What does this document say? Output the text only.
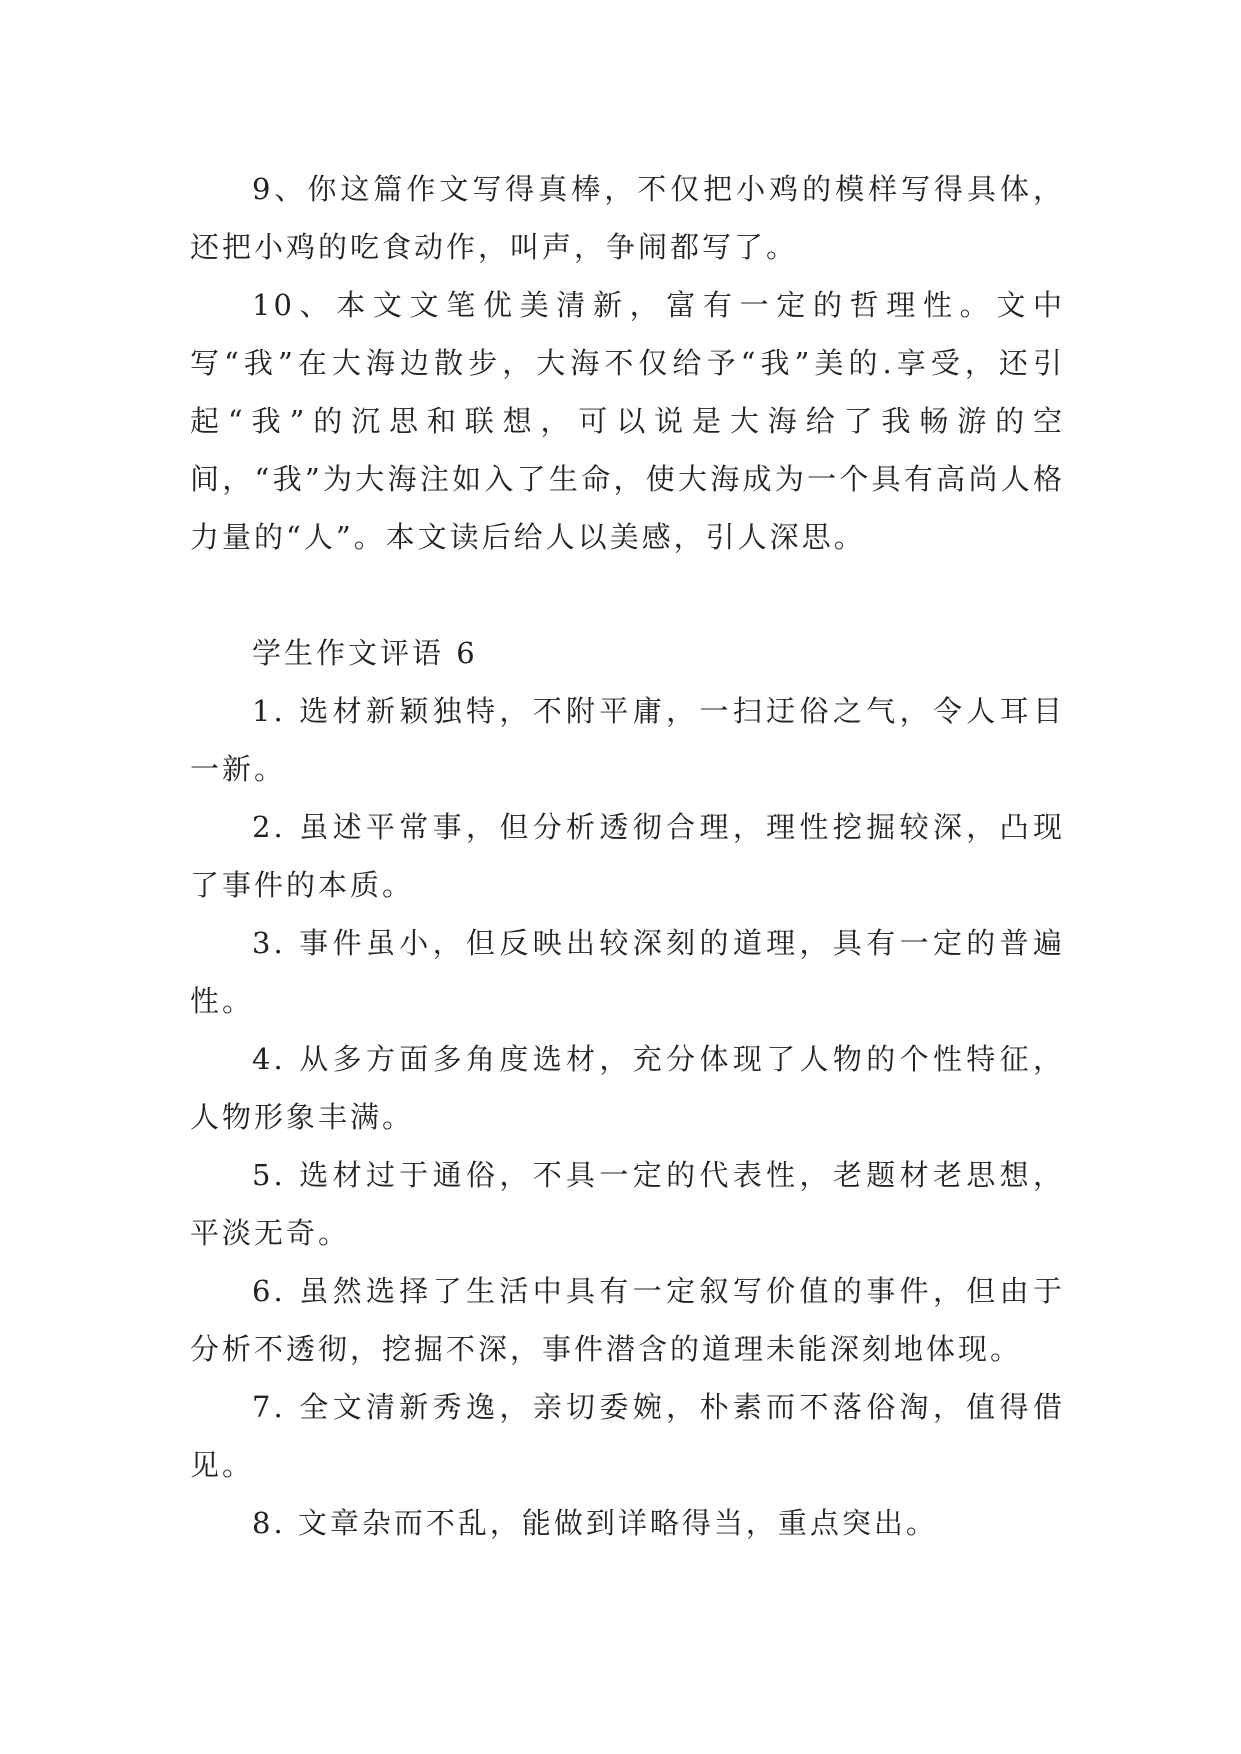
9、你这篇作文写得真棒，不仅把小鸡的模样写得具体，还把小鸡的吃食动作，叫声，争闹都写了。

10、本文文笔优美清新，富有一定的哲理性。文中写“我”在大海边散步，大海不仅给予“我”美的.享受，还引起“我”的沉思和联想，可以说是大海给了我畅游的空间，“我”为大海注如入了生命，使大海成为一个具有高尚人格力量的“人”。本文读后给人以美感，引人深思。

学生作文评语 6

1. 选材新颖独特，不附平庸，一扫迂俗之气，令人耳目一新。

2. 虽述平常事，但分析透彻合理，理性挖掘较深，凸现了事件的本质。

3. 事件虽小，但反映出较深刻的道理，具有一定的普遍性。

4. 从多方面多角度选材，充分体现了人物的个性特征，人物形象丰满。

5. 选材过于通俗，不具一定的代表性，老题材老思想，平淡无奇。

6. 虽然选择了生活中具有一定叙写价值的事件，但由于分析不透彻，挖掘不深，事件潜含的道理未能深刻地体现。

7. 全文清新秀逸，亲切委婉，朴素而不落俗淘，值得借见。

8. 文章杂而不乱，能做到详略得当，重点突出。
